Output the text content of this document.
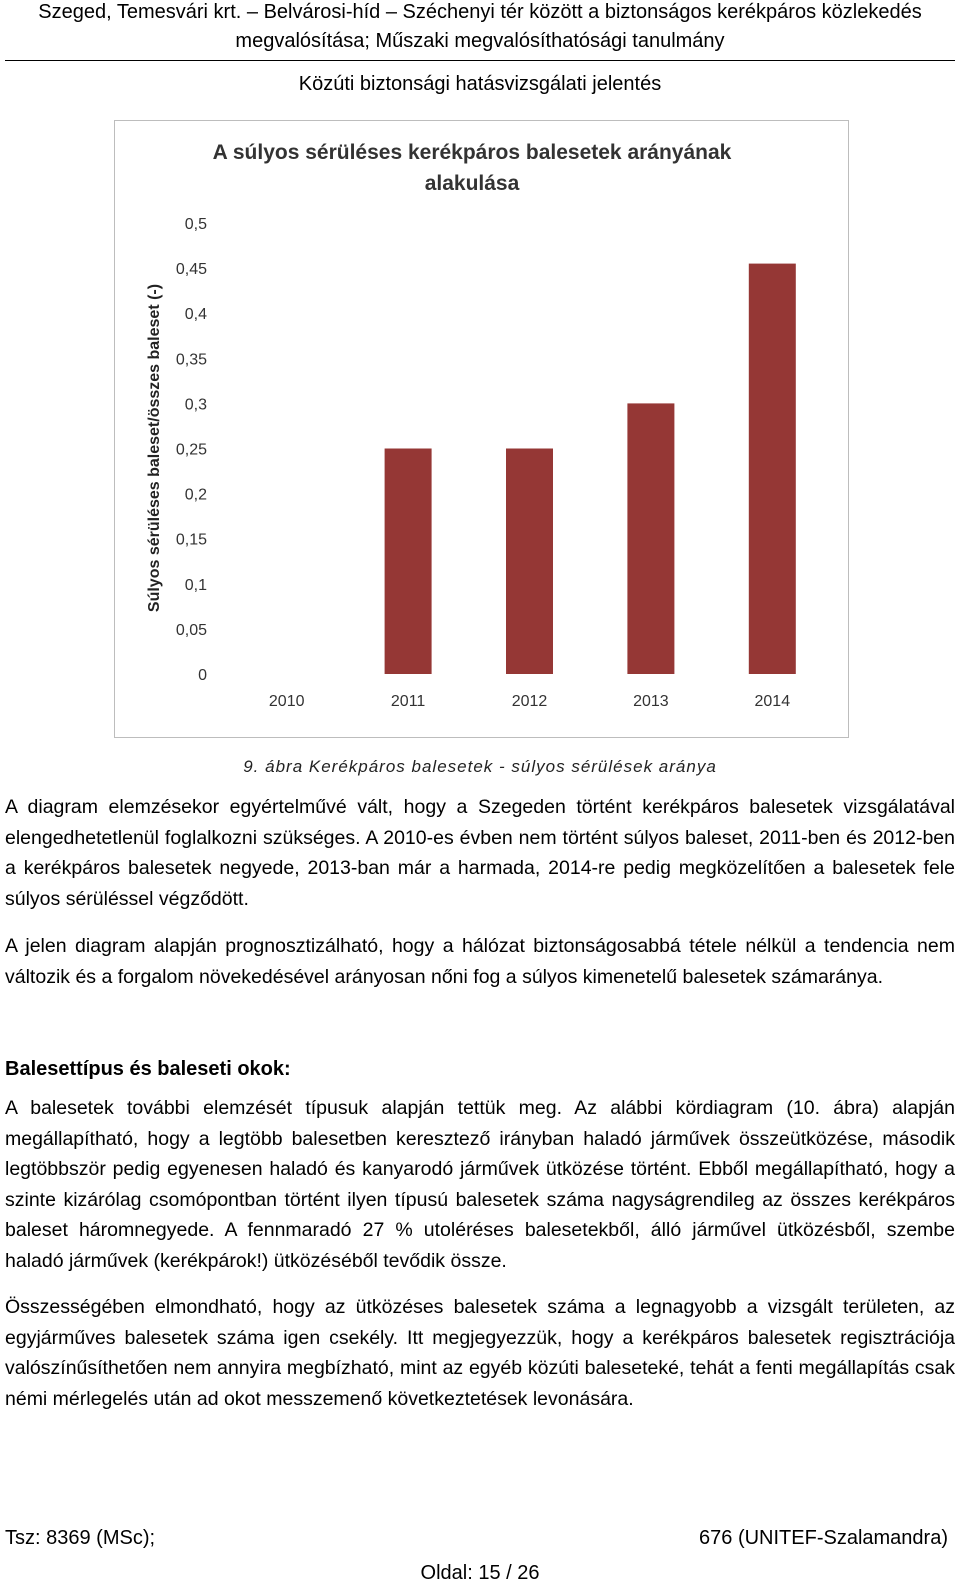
Szeged, Temesvári krt. – Belvárosi-híd – Széchenyi tér között a biztonságos kerékpáros közlekedés
megvalósítása; Műszaki megvalósíthatósági tanulmány
Közúti biztonsági hatásvizsgálati jelentés
A súlyos sérüléses kerékpáros balesetek arányának
alakulása
Súlyos sérüléses baleset/összes baleset (-)
0
0,05
0,1
0,15
0,2
0,25
0,3
0,35
0,4
0,45
0,5
2010	2011	2012	2013	2014
9. ábra Kerékpáros balesetek - súlyos sérülések aránya

A diagram elemzésekor egyértelművé vált, hogy a Szegeden történt kerékpáros balesetek vizsgálatával elengedhetetlenül foglalkozni szükséges. A 2010-es évben nem történt súlyos baleset, 2011-ben és 2012-ben a kerékpáros balesetek negyede, 2013-ban már a harmada, 2014-re pedig megközelítően a balesetek fele súlyos sérüléssel végződött.

A jelen diagram alapján prognosztizálható, hogy a hálózat biztonságosabbá tétele nélkül a tendencia nem változik és a forgalom növekedésével arányosan nőni fog a súlyos kimenetelű balesetek számaránya.

Balesettípus és baleseti okok:

A balesetek további elemzését típusuk alapján tettük meg. Az alábbi kördiagram (10. ábra) alapján megállapítható, hogy a legtöbb balesetben keresztező irányban haladó járművek összeütközése, második legtöbbször pedig egyenesen haladó és kanyarodó járművek ütközése történt. Ebből megállapítható, hogy a szinte kizárólag csomópontban történt ilyen típusú balesetek száma nagyságrendileg az összes kerékpáros baleset háromnegyede. A fennmaradó 27 % utoléréses balesetekből, álló járművel ütközésből, szembe haladó járművek (kerékpárok!) ütközéséből tevődik össze.

Összességében elmondható, hogy az ütközéses balesetek száma a legnagyobb a vizsgált területen, az egyjárműves balesetek száma igen csekély. Itt megjegyezzük, hogy a kerékpáros balesetek regisztrációja valószínűsíthetően nem annyira megbízható, mint az egyéb közúti baleseteké, tehát a fenti megállapítás csak némi mérlegelés után ad okot messzemenő következtetések levonására.

Tsz: 8369 (MSc);	676 (UNITEF-Szalamandra)
Oldal: 15 / 26
